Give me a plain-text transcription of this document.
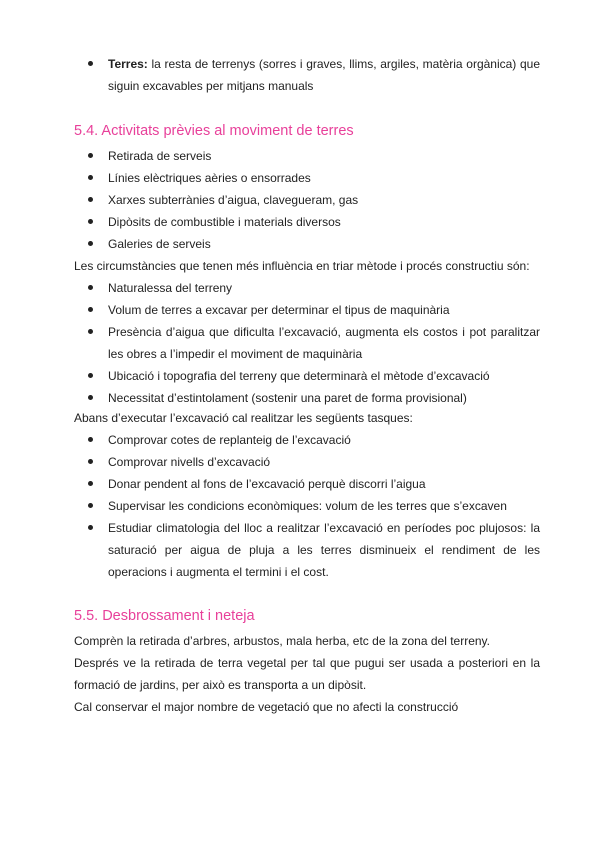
Terres: la resta de terrenys (sorres i graves, llims, argiles, matèria orgànica) que siguin excavables per mitjans manuals
5.4. Activitats prèvies al moviment de terres
Retirada de serveis
Línies elèctriques aèries o ensorrades
Xarxes subterrànies d’aigua, clavegueram, gas
Dipòsits de combustible i materials diversos
Galeries de serveis

Les circumstàncies que tenen més influència en triar mètode i procés constructiu són:

Naturalessa del terreny
Volum de terres a excavar per determinar el tipus de maquinària
Presència d’aigua que dificulta l’excavació, augmenta els costos i pot paralitzar les obres a l’impedir el moviment de maquinària
Ubicació i topografia del terreny que determinarà el mètode d’excavació
Necessitat d’estintolament (sostenir una paret de forma provisional)

Abans d’executar l’excavació cal realitzar les següents tasques:

Comprovar cotes de replanteig de l’excavació
Comprovar nivells d’excavació
Donar pendent al fons de l’excavació perquè discorri l’aigua
Supervisar les condicions econòmiques: volum de les terres que s’excaven
Estudiar climatologia del lloc a realitzar l’excavació en períodes poc plujosos: la saturació per aigua de pluja a les terres disminueix el rendiment de les operacions i augmenta el termini i el cost.
5.5. Desbrossament i neteja

Comprèn la retirada d’arbres, arbustos, mala herba, etc de la zona del terreny.

Després ve la retirada de terra vegetal per tal que pugui ser usada a posteriori en la formació de jardins, per això es transporta a un dipòsit.

Cal conservar el major nombre de vegetació que no afecti la construcció
